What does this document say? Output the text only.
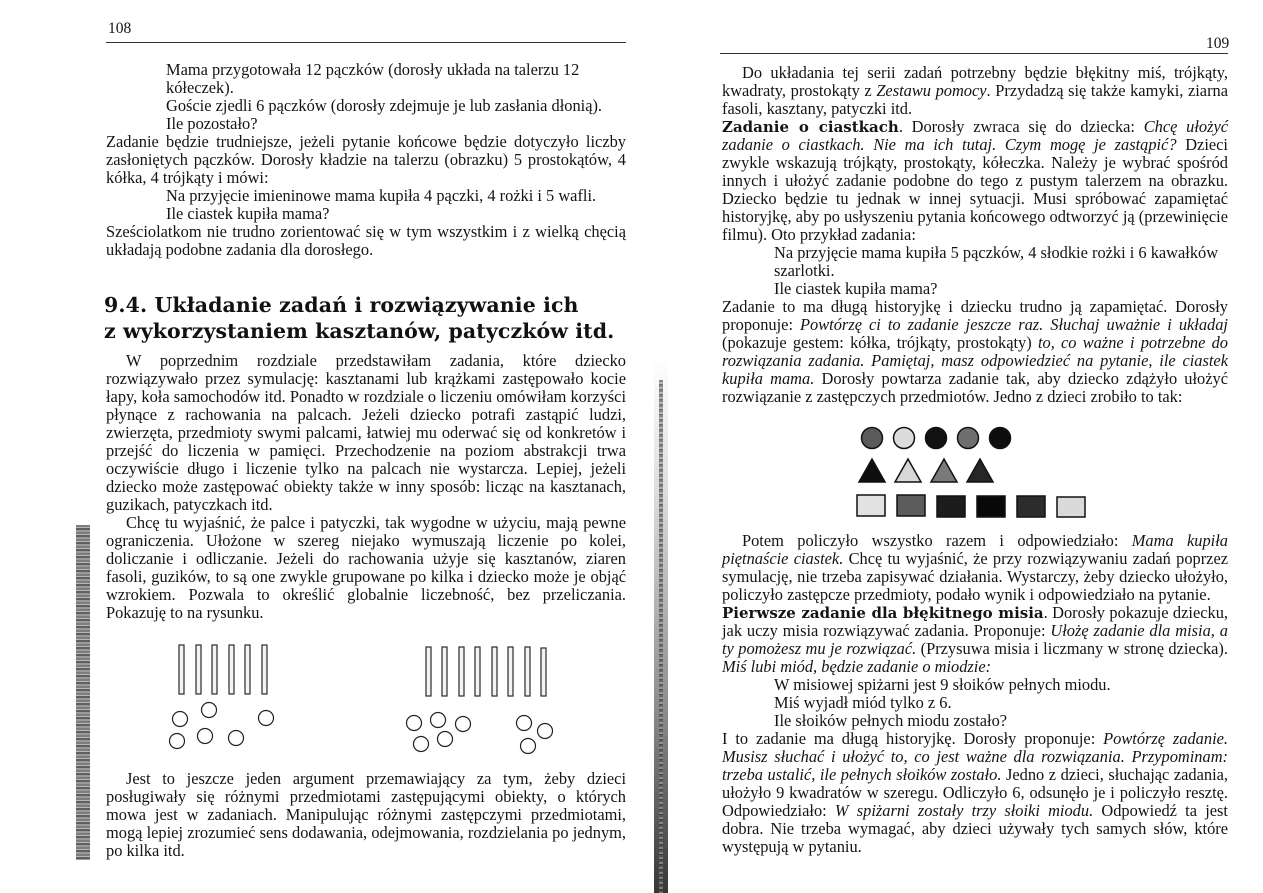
108

Mama przygotowała 12 pączków (dorosły układa na talerzu 12 kółeczek).

Goście zjedli 6 pączków (dorosły zdejmuje je lub zasłania dłonią).

Ile pozostało?

Zadanie będzie trudniejsze, jeżeli pytanie końcowe będzie dotyczyło liczby zasłoniętych pączków. Dorosły kładzie na talerzu (obrazku) 5 prostokątów, 4 kółka, 4 trójkąty i mówi:

Na przyjęcie imieninowe mama kupiła 4 pączki, 4 rożki i 5 wafli.

Ile ciastek kupiła mama?

Sześciolatkom nie trudno zorientować się w tym wszystkim i z wielką chęcią układają podobne zadania dla dorosłego.

9.4. Układanie zadań i rozwiązywanie ich
z wykorzystaniem kasztanów, patyczków itd.

W poprzednim rozdziale przedstawiłam zadania, które dziecko rozwiązywało przez symulację: kasztanami lub krążkami zastępowało kocie łapy, koła samochodów itd. Ponadto w rozdziale o liczeniu omówiłam korzyści płynące z rachowania na palcach. Jeżeli dziecko potrafi zastąpić ludzi, zwierzęta, przedmioty swymi palcami, łatwiej mu oderwać się od konkretów i przejść do liczenia w pamięci. Przechodzenie na poziom abstrakcji trwa oczywiście długo i liczenie tylko na palcach nie wystarcza. Lepiej, jeżeli dziecko może zastępować obiekty także w inny sposób: licząc na kasztanach, guzikach, patyczkach itd.

Chcę tu wyjaśnić, że palce i patyczki, tak wygodne w użyciu, mają pewne ograniczenia. Ułożone w szereg niejako wymuszają liczenie po kolei, doliczanie i odliczanie. Jeżeli do rachowania użyje się kasztanów, ziaren fasoli, guzików, to są one zwykle grupowane po kilka i dziecko może je objąć wzrokiem. Pozwala to określić globalnie liczebność, bez przeliczania. Pokazuję to na rysunku.

Jest to jeszcze jeden argument przemawiający za tym, żeby dzieci posługiwały się różnymi przedmiotami zastępującymi obiekty, o których mowa jest w zadaniach. Manipulując różnymi zastępczymi przedmiotami, mogą lepiej zrozumieć sens dodawania, odejmowania, rozdzielania po jednym, po kilka itd.

109

Do układania tej serii zadań potrzebny będzie błękitny miś, trójkąty, kwadraty, prostokąty z Zestawu pomocy. Przydadzą się także kamyki, ziarna fasoli, kasztany, patyczki itd.

Zadanie o ciastkach. Dorosły zwraca się do dziecka: Chcę ułożyć zadanie o ciastkach. Nie ma ich tutaj. Czym mogę je zastąpić? Dzieci zwykle wskazują trójkąty, prostokąty, kółeczka. Należy je wybrać spośród innych i ułożyć zadanie podobne do tego z pustym talerzem na obrazku. Dziecko będzie tu jednak w innej sytuacji. Musi spróbować zapamiętać historyjkę, aby po usłyszeniu pytania końcowego odtworzyć ją (przewinięcie filmu). Oto przykład zadania:

Na przyjęcie mama kupiła 5 pączków, 4 słodkie rożki i 6 kawałków szarlotki.

Ile ciastek kupiła mama?

Zadanie to ma długą historyjkę i dziecku trudno ją zapamiętać. Dorosły proponuje: Powtórzę ci to zadanie jeszcze raz. Słuchaj uważnie i układaj (pokazuje gestem: kółka, trójkąty, prostokąty) to, co ważne i potrzebne do rozwiązania zadania. Pamiętaj, masz odpowiedzieć na pytanie, ile ciastek kupiła mama. Dorosły powtarza zadanie tak, aby dziecko zdążyło ułożyć rozwiązanie z zastępczych przedmiotów. Jedno z dzieci zrobiło to tak:

Potem policzyło wszystko razem i odpowiedziało: Mama kupiła piętnaście ciastek. Chcę tu wyjaśnić, że przy rozwiązywaniu zadań poprzez symulację, nie trzeba zapisywać działania. Wystarczy, żeby dziecko ułożyło, policzyło zastępcze przedmioty, podało wynik i odpowiedziało na pytanie.

Pierwsze zadanie dla błękitnego misia. Dorosły pokazuje dziecku, jak uczy misia rozwiązywać zadania. Proponuje: Ułożę zadanie dla misia, a ty pomożesz mu je rozwiązać. (Przysuwa misia i liczmany w stronę dziecka). Miś lubi miód, będzie zadanie o miodzie:

W misiowej spiżarni jest 9 słoików pełnych miodu.

Miś wyjadł miód tylko z 6.

Ile słoików pełnych miodu zostało?

I to zadanie ma długą historyjkę. Dorosły proponuje: Powtórzę zadanie. Musisz słuchać i ułożyć to, co jest ważne dla rozwiązania. Przypominam: trzeba ustalić, ile pełnych słoików zostało. Jedno z dzieci, słuchając zadania, ułożyło 9 kwadratów w szeregu. Odliczyło 6, odsunęło je i policzyło resztę. Odpowiedziało: W spiżarni zostały trzy słoiki miodu. Odpowiedź ta jest dobra. Nie trzeba wymagać, aby dzieci używały tych samych słów, które występują w pytaniu.
